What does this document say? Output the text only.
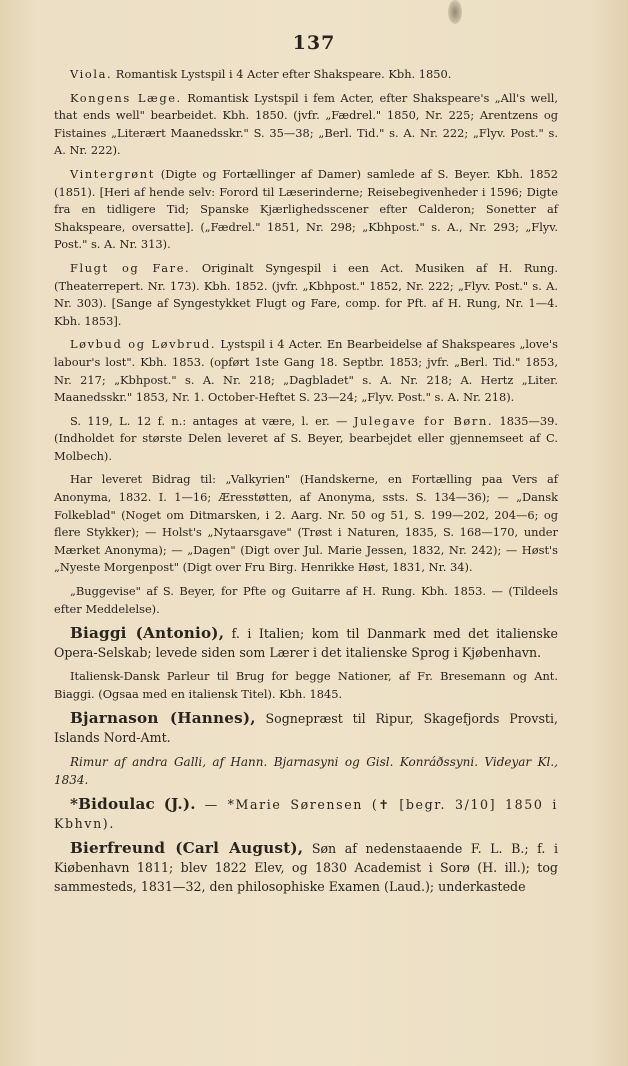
137

Viola. Romantisk Lystspil i 4 Acter efter Shakspeare. Kbh. 1850.

Kongens Læge. Romantisk Lystspil i fem Acter, efter Shakspeare's „All's well, that ends well" bearbeidet. Kbh. 1850. (jvfr. „Fædrel." 1850, Nr. 225; Arentzens og Fistaines „Literært Maanedsskr." S. 35—38; „Berl. Tid." s. A. Nr. 222; „Flyv. Post." s. A. Nr. 222).

Vintergrønt (Digte og Fortællinger af Damer) samlede af S. Beyer. Kbh. 1852 (1851). [Heri af hende selv: Forord til Læserinderne; Reisebegivenheder i 1596; Digte fra en tidligere Tid; Spanske Kjærlighedsscener efter Calderon; Sonetter af Shakspeare, oversatte]. („Fædrel." 1851, Nr. 298; „Kbhpost." s. A., Nr. 293; „Flyv. Post." s. A. Nr. 313).

Flugt og Fare. Originalt Syngespil i een Act. Musiken af H. Rung. (Theaterrepert. Nr. 173). Kbh. 1852. (jvfr. „Kbhpost." 1852, Nr. 222; „Flyv. Post." s. A. Nr. 303). [Sange af Syngestykket Flugt og Fare, comp. for Pft. af H. Rung, Nr. 1—4. Kbh. 1853].

Løvbud og Løvbrud. Lystspil i 4 Acter. En Bearbeidelse af Shakspeares „love's labour's lost". Kbh. 1853. (opført 1ste Gang 18. Septbr. 1853; jvfr. „Berl. Tid." 1853, Nr. 217; „Kbhpost." s. A. Nr. 218; „Dagbladet" s. A. Nr. 218; A. Hertz „Liter. Maanedsskr." 1853, Nr. 1. October-Heftet S. 23—24; „Flyv. Post." s. A. Nr. 218).

S. 119, L. 12 f. n.: antages at være, l. er. — Julegave for Børn. 1835—39. (Indholdet for største Delen leveret af S. Beyer, bearbejdet eller gjennemseet af C. Molbech).

Har leveret Bidrag til: „Valkyrien" (Handskerne, en Fortælling paa Vers af Anonyma, 1832. I. 1—16; Æresstøtten, af Anonyma, ssts. S. 134—36); — „Dansk Folkeblad" (Noget om Ditmarsken, i 2. Aarg. Nr. 50 og 51, S. 199—202, 204—6; og flere Stykker); — Holst's „Nytaarsgave" (Trøst i Naturen, 1835, S. 168—170, under Mærket Anonyma); — „Dagen" (Digt over Jul. Marie Jessen, 1832, Nr. 242); — Høst's „Nyeste Morgenpost" (Digt over Fru Birg. Henrikke Høst, 1831, Nr. 34).

„Buggevise" af S. Beyer, for Pfte og Guitarre af H. Rung. Kbh. 1853. — (Tildeels efter Meddelelse).

Biaggi (Antonio), f. i Italien; kom til Danmark med det italienske Opera-Selskab; levede siden som Lærer i det italienske Sprog i Kjøbenhavn.

Italiensk-Dansk Parleur til Brug for begge Nationer, af Fr. Bresemann og Ant. Biaggi. (Ogsaa med en italiensk Titel). Kbh. 1845.

Bjarnason (Hannes), Sognepræst til Ripur, Skagefjords Provsti, Islands Nord-Amt.

Rimur af andra Galli, af Hann. Bjarnasyni og Gisl. Konráðssyni. Videyar Kl., 1834.

*Bidoulac (J.). — *Marie Sørensen (✝ [begr. 3/10] 1850 i Kbhvn).

Bierfreund (Carl August), Søn af nedenstaaende F. L. B.; f. i Kiøbenhavn 1811; blev 1822 Elev, og 1830 Academist i Sorø (H. ill.); tog sammesteds, 1831—32, den philosophiske Examen (Laud.); underkastede
